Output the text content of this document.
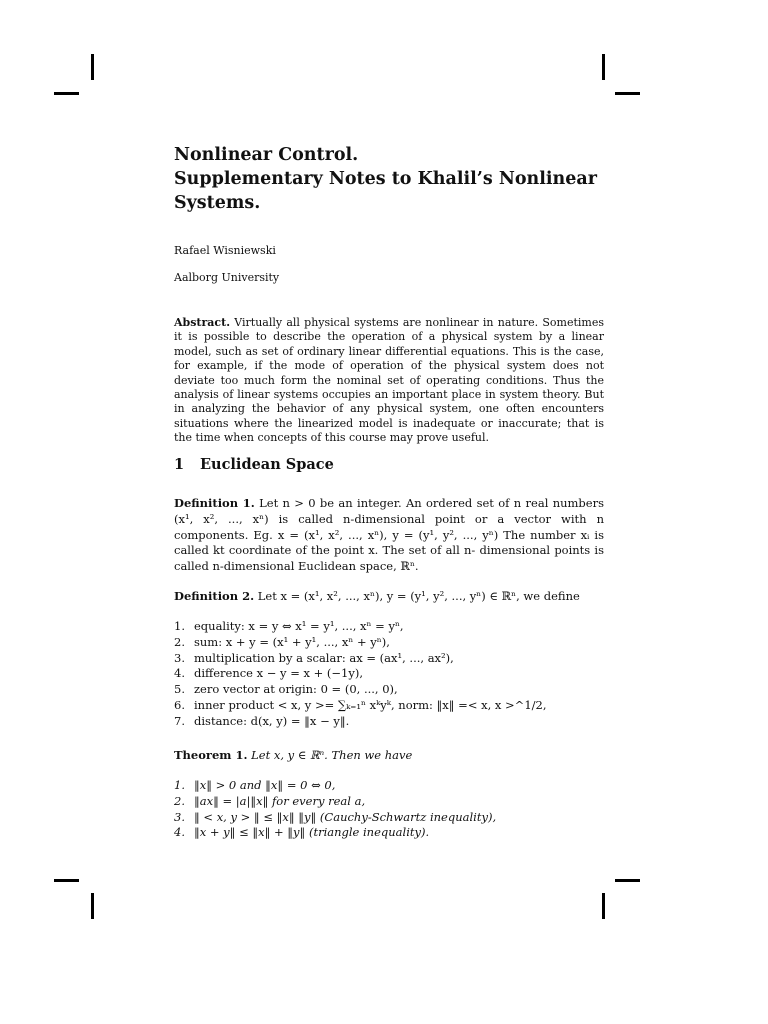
Nonlinear Control.
Supplementary Notes to Khalil’s Nonlinear
Systems.
Rafael Wisniewski
Aalborg University
Abstract. Virtually all physical systems are nonlinear in nature. Sometimes it is possible to describe the operation of a physical system by a linear model, such as set of ordinary linear differential equations. This is the case, for example, if the mode of operation of the physical system does not deviate too much form the nominal set of operating conditions. Thus the analysis of linear systems occupies an important place in system theory. But in analyzing the behavior of any physical system, one often encounters situations where the linearized model is inadequate or inaccurate; that is the time when concepts of this course may prove useful.
1 Euclidean Space
Definition 1. Let n > 0 be an integer. An ordered set of n real numbers (x¹, x², ..., xⁿ) is called n-dimensional point or a vector with n components. Eg. x = (x¹, x², ..., xⁿ), y = (y¹, y², ..., yⁿ) The number xᵢ is called kt coordinate of the point x. The set of all n- dimensional points is called n-dimensional Euclidean space, ℝⁿ.
Definition 2. Let x = (x¹, x², ..., xⁿ), y = (y¹, y², ..., yⁿ) ∈ ℝⁿ, we define
1. equality: x = y ⇔ x¹ = y¹, ..., xⁿ = yⁿ,
2. sum: x + y = (x¹ + y¹, ..., xⁿ + yⁿ),
3. multiplication by a scalar: ax = (ax¹, ..., ax²),
4. difference x − y = x + (−1y),
5. zero vector at origin: 0 = (0, ..., 0),
6. inner product < x, y >= ∑ₖ₌₁ⁿ xᵏyᵏ, norm: ‖x‖ =< x, x >^1/2,
7. distance: d(x, y) = ‖x − y‖.
Theorem 1. Let x, y ∈ ℝⁿ. Then we have
1. ‖x‖ > 0 and ‖x‖ = 0 ⇔ 0,
2. ‖ax‖ = |a|‖x‖ for every real a,
3. ‖ < x, y > ‖ ≤ ‖x‖ ‖y‖ (Cauchy-Schwartz inequality),
4. ‖x + y‖ ≤ ‖x‖ + ‖y‖ (triangle inequality).
